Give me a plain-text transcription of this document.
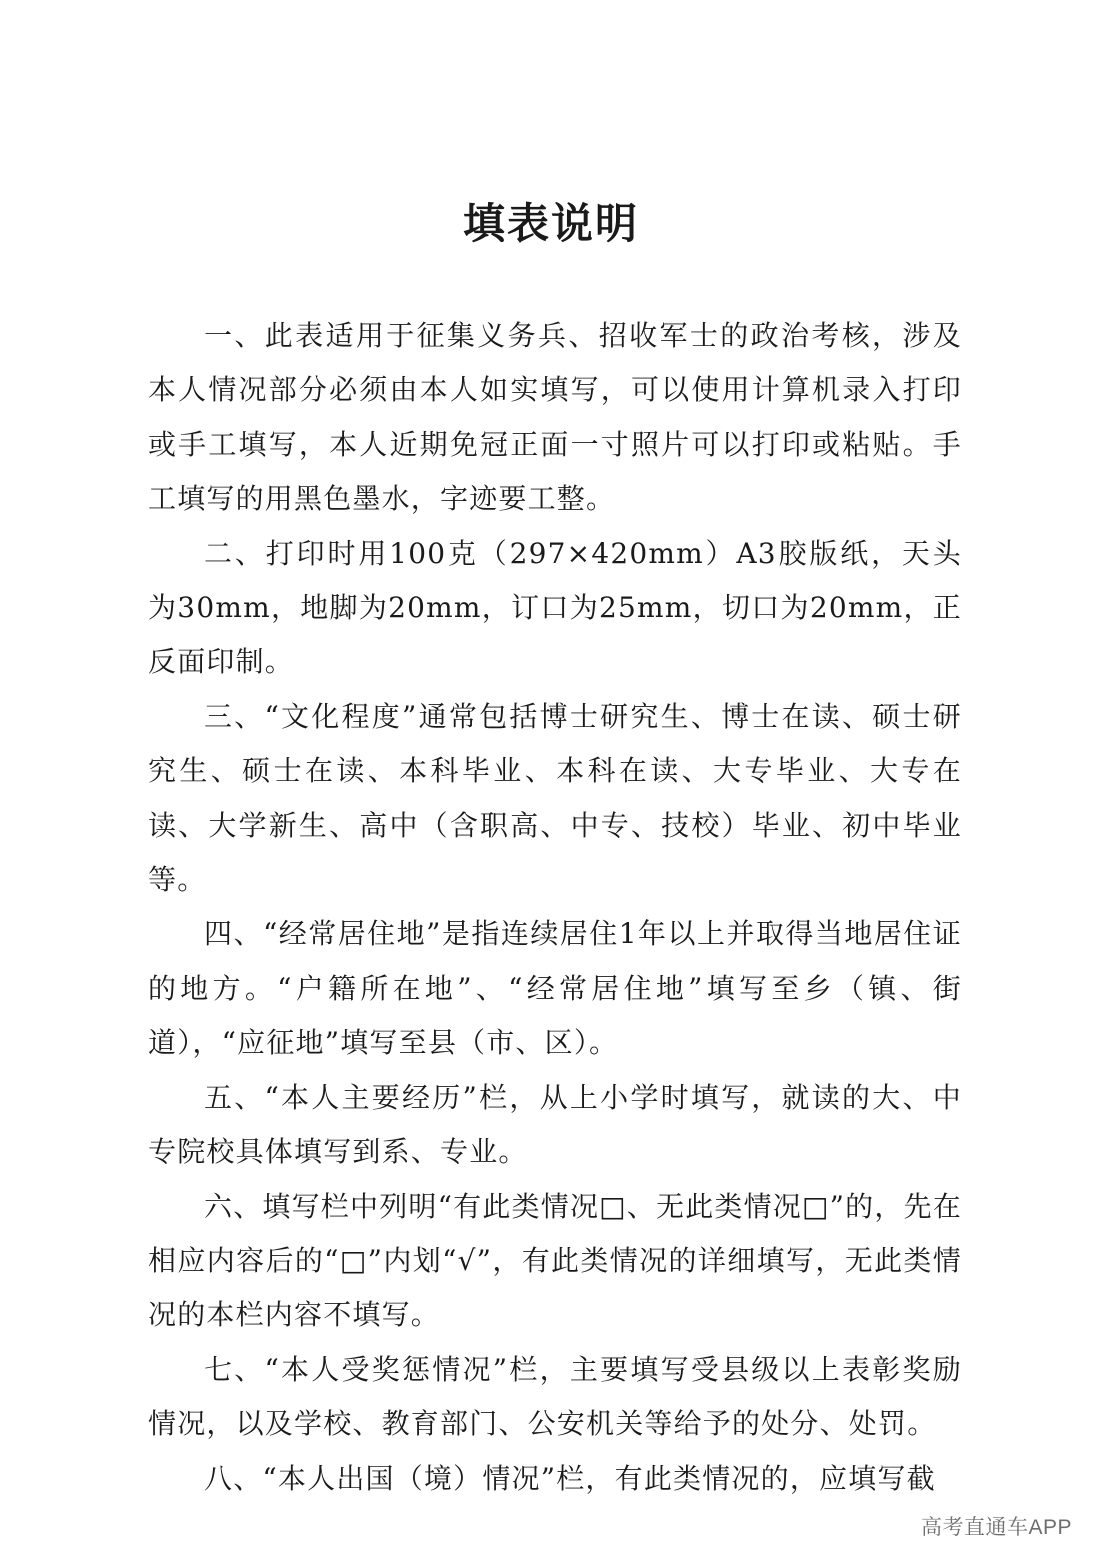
填表说明

一、此表适用于征集义务兵、招收军士的政治考核，涉及本人情况部分必须由本人如实填写，可以使用计算机录入打印或手工填写，本人近期免冠正面一寸照片可以打印或粘贴。手工填写的用黑色墨水，字迹要工整。

二、打印时用100克（297×420mm）A3胶版纸，天头为30mm，地脚为20mm，订口为25mm，切口为20mm，正反面印制。

三、“文化程度”通常包括博士研究生、博士在读、硕士研究生、硕士在读、本科毕业、本科在读、大专毕业、大专在读、大学新生、高中（含职高、中专、技校）毕业、初中毕业等。

四、“经常居住地”是指连续居住1年以上并取得当地居住证的地方。“户籍所在地”、“经常居住地”填写至乡（镇、街道），“应征地”填写至县（市、区）。

五、“本人主要经历”栏，从上小学时填写，就读的大、中专院校具体填写到系、专业。

六、填写栏中列明“有此类情况□、无此类情况□”的，先在相应内容后的“□”内划“√”，有此类情况的详细填写，无此类情况的本栏内容不填写。

七、“本人受奖惩情况”栏，主要填写受县级以上表彰奖励情况，以及学校、教育部门、公安机关等给予的处分、处罚。

八、“本人出国（境）情况”栏，有此类情况的，应填写截

高考直通车APP
